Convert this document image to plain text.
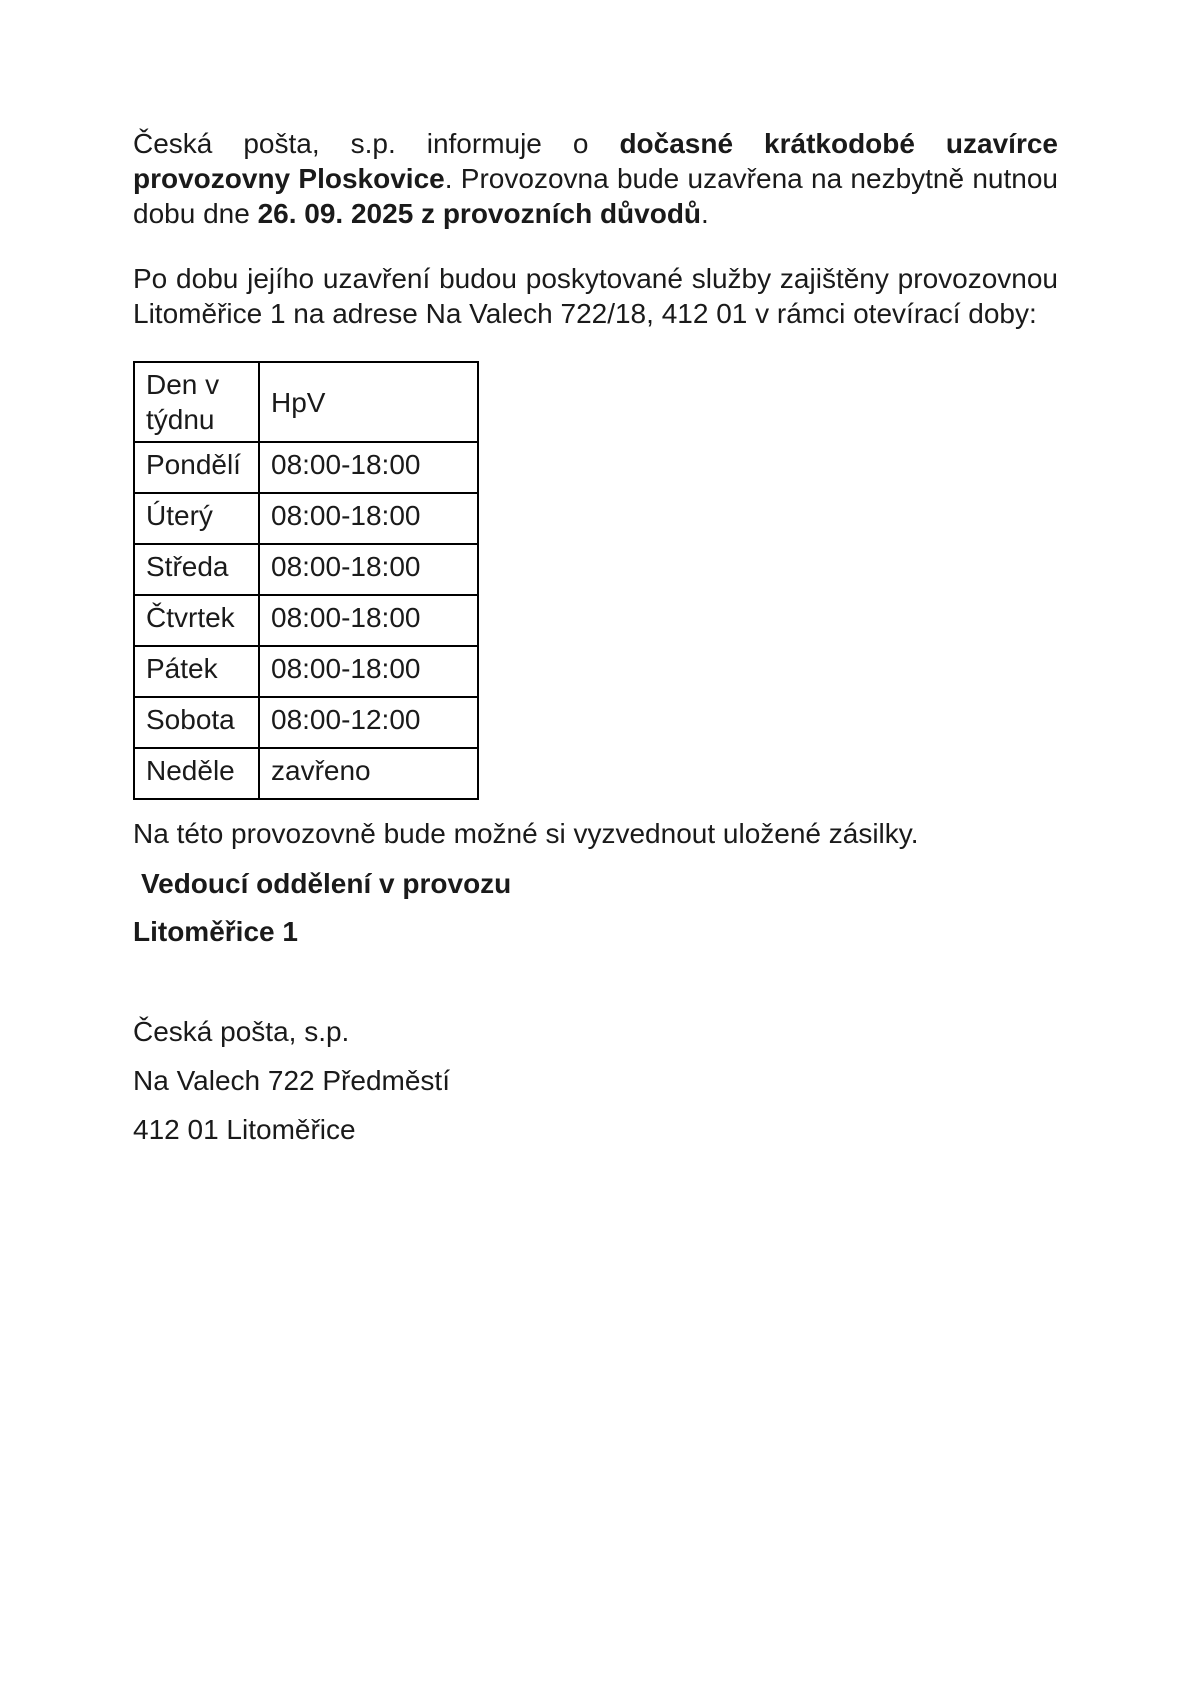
Česká pošta, s.p. informuje o dočasné krátkodobé uzavírce provozovny Ploskovice. Provozovna bude uzavřena na nezbytně nutnou dobu dne 26. 09. 2025 z provozních důvodů.

Po dobu jejího uzavření budou poskytované služby zajištěny provozovnou Litoměřice 1 na adrese Na Valech 722/18, 412 01 v rámci otevírací doby:

Den v týdnu	HpV
Pondělí	08:00-18:00
Úterý	08:00-18:00
Středa	08:00-18:00
Čtvrtek	08:00-18:00
Pátek	08:00-18:00
Sobota	08:00-12:00
Neděle	zavřeno

Na této provozovně bude možné si vyzvednout uložené zásilky.

Vedoucí oddělení v provozu

Litoměřice 1

Česká pošta, s.p.

Na Valech 722 Předměstí

412 01 Litoměřice
